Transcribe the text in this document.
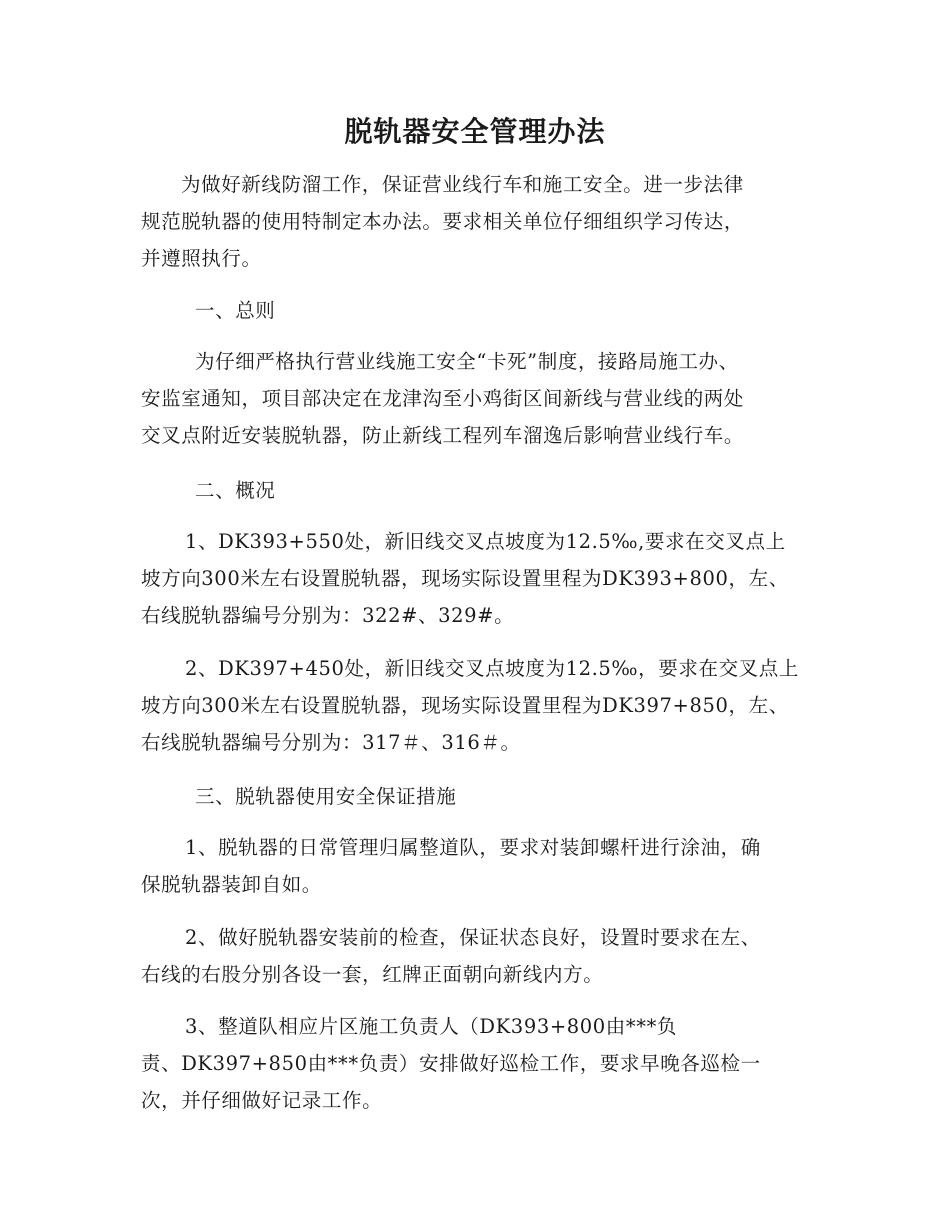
脱轨器安全管理办法

为做好新线防溜工作，保证营业线行车和施工安全。进一步法律
规范脱轨器的使用特制定本办法。要求相关单位仔细组织学习传达，
并遵照执行。

一、总则

为仔细严格执行营业线施工安全“卡死”制度，接路局施工办、
安监室通知，项目部决定在龙津沟至小鸡街区间新线与营业线的两处
交叉点附近安装脱轨器，防止新线工程列车溜逸后影响营业线行车。

二、概况

1、DK393+550处，新旧线交叉点坡度为12.5‰,要求在交叉点上
坡方向300米左右设置脱轨器，现场实际设置里程为DK393+800，左、
右线脱轨器编号分别为：322#、329#。

2、DK397+450处，新旧线交叉点坡度为12.5‰，要求在交叉点上
坡方向300米左右设置脱轨器，现场实际设置里程为DK397+850，左、
右线脱轨器编号分别为：317＃、316＃。

三、脱轨器使用安全保证措施

1、脱轨器的日常管理归属整道队，要求对装卸螺杆进行涂油，确
保脱轨器装卸自如。

2、做好脱轨器安装前的检查，保证状态良好，设置时要求在左、
右线的右股分别各设一套，红牌正面朝向新线内方。

3、整道队相应片区施工负责人（DK393+800由***负
责、DK397+850由***负责）安排做好巡检工作，要求早晚各巡检一
次，并仔细做好记录工作。
